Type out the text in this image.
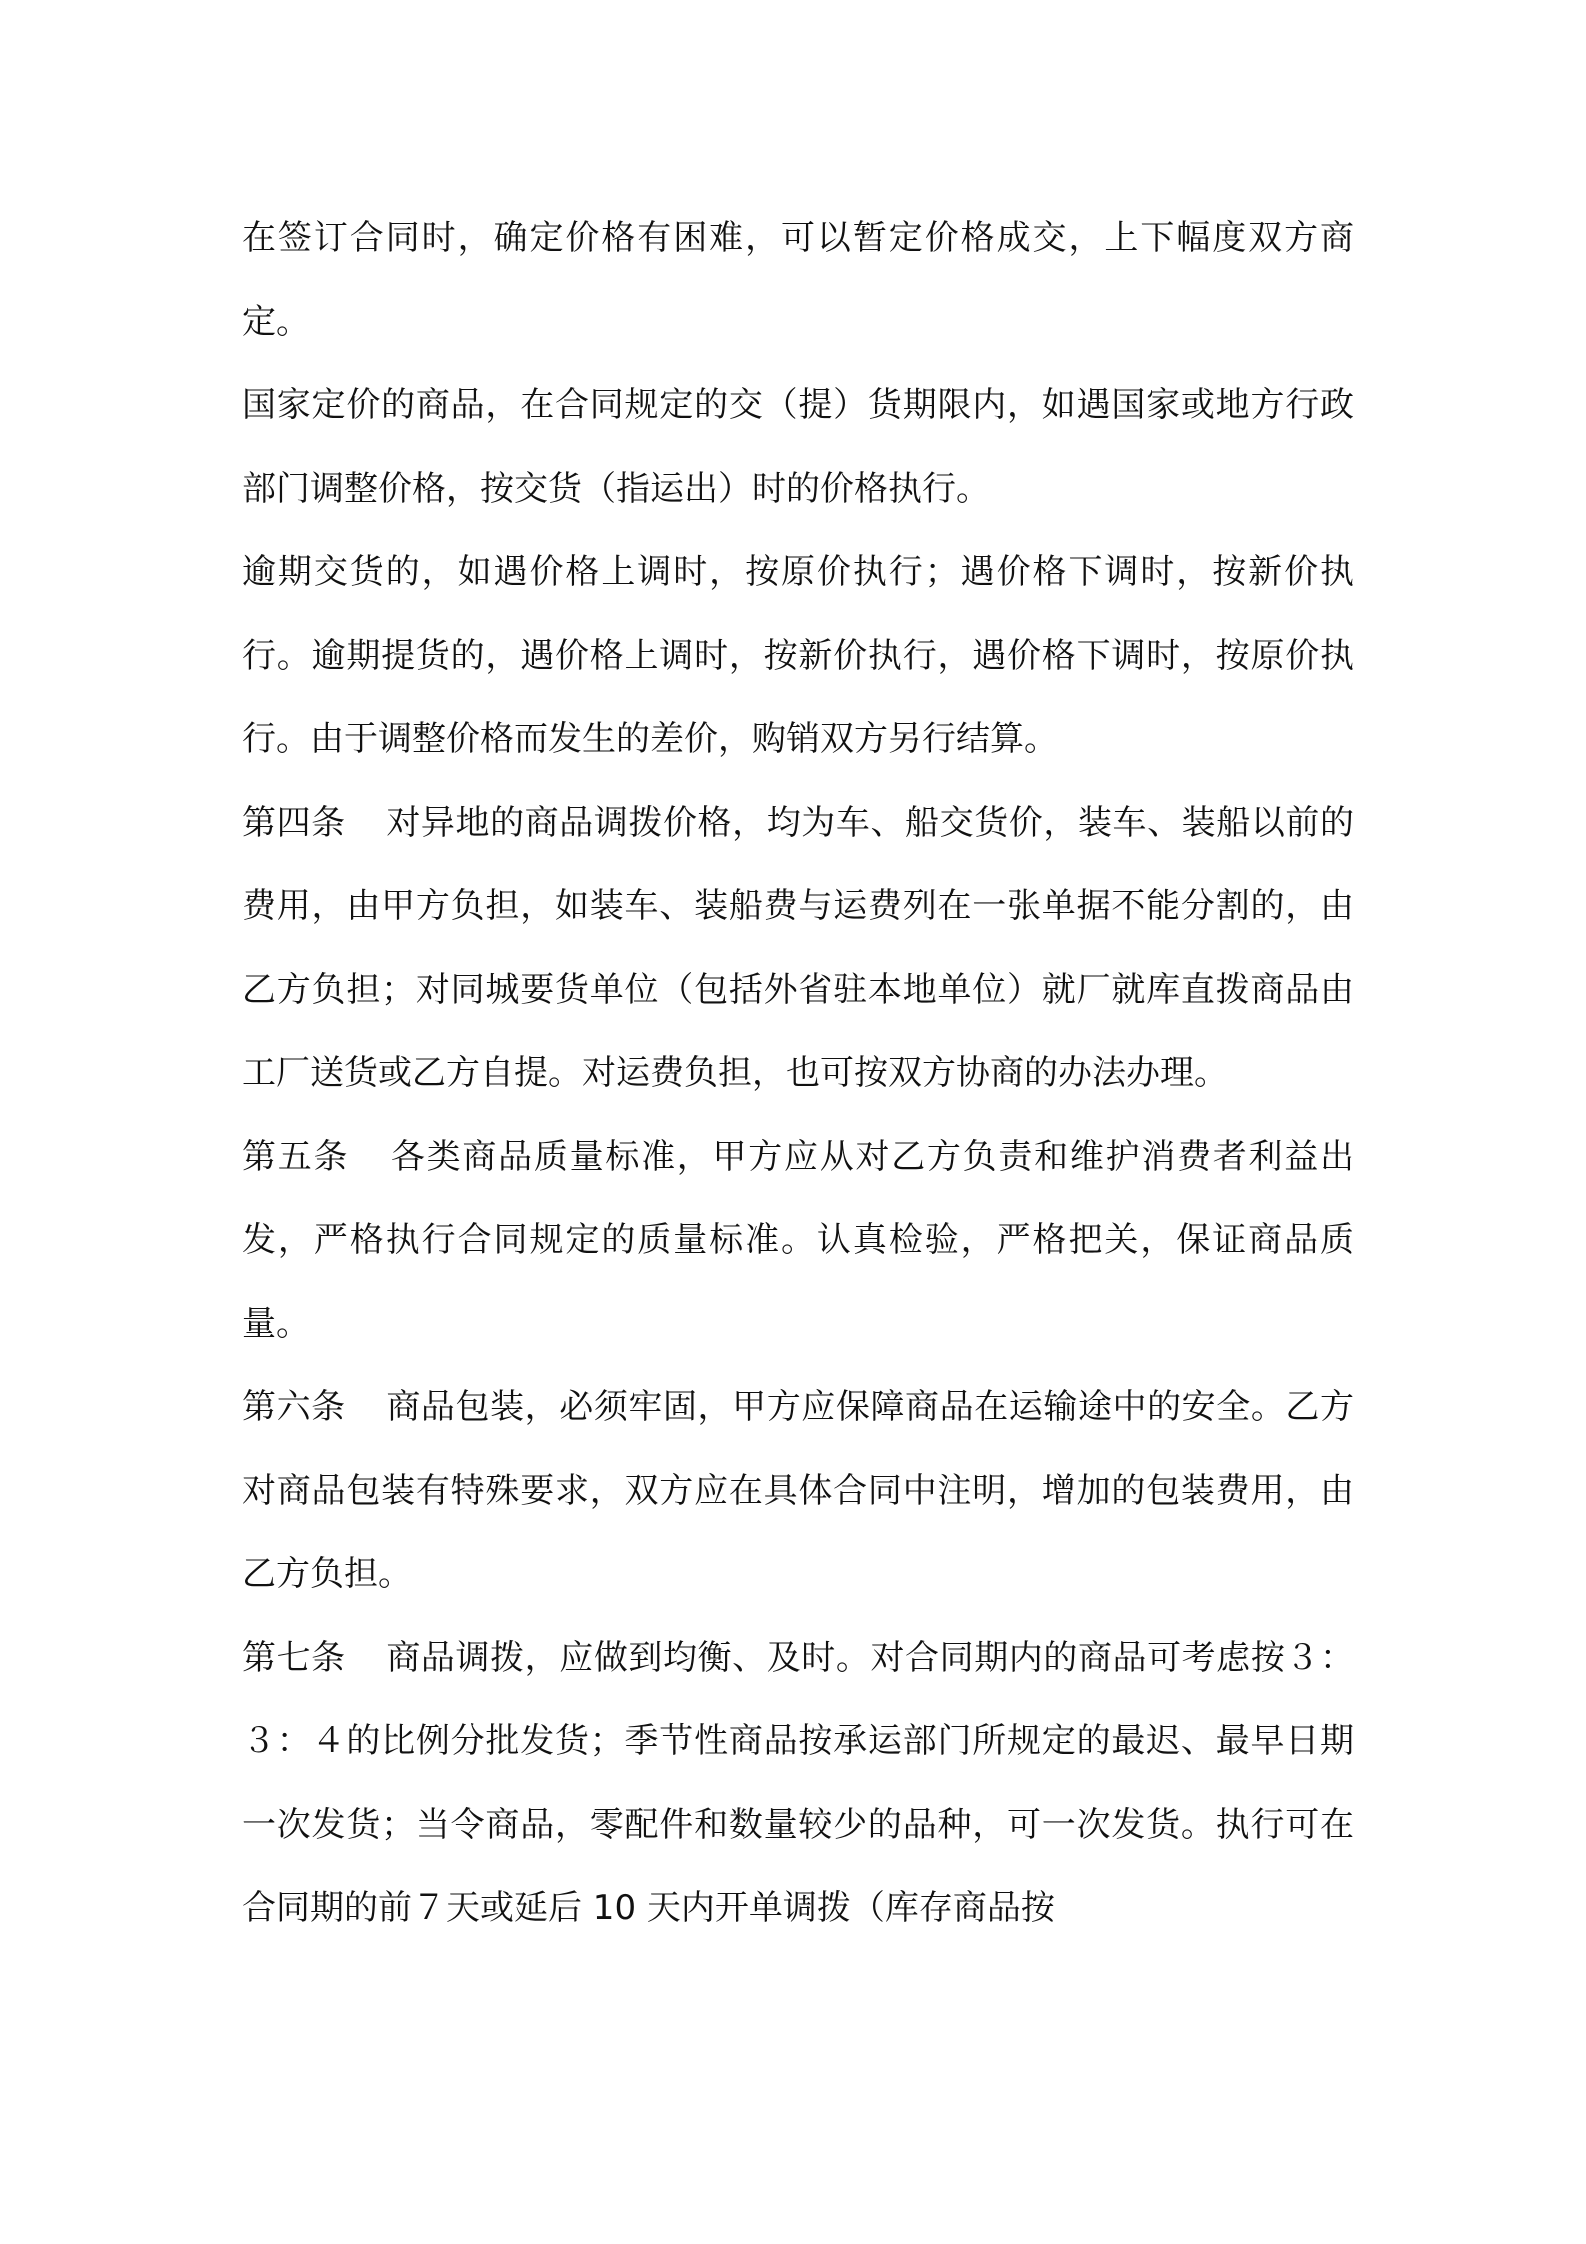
在签订合同时，确定价格有困难，可以暂定价格成交，上下幅度双方商定。

国家定价的商品，在合同规定的交（提）货期限内，如遇国家或地方行政部门调整价格，按交货（指运出）时的价格执行。

逾期交货的，如遇价格上调时，按原价执行；遇价格下调时，按新价执行。逾期提货的，遇价格上调时，按新价执行，遇价格下调时，按原价执行。由于调整价格而发生的差价，购销双方另行结算。

第四条 对异地的商品调拨价格，均为车、船交货价，装车、装船以前的费用，由甲方负担，如装车、装船费与运费列在一张单据不能分割的，由乙方负担；对同城要货单位（包括外省驻本地单位）就厂就库直拨商品由工厂送货或乙方自提。对运费负担，也可按双方协商的办法办理。

第五条 各类商品质量标准，甲方应从对乙方负责和维护消费者利益出发，严格执行合同规定的质量标准。认真检验，严格把关，保证商品质量。

第六条 商品包装，必须牢固，甲方应保障商品在运输途中的安全。乙方对商品包装有特殊要求，双方应在具体合同中注明，增加的包装费用，由乙方负担。

第七条 商品调拨，应做到均衡、及时。对合同期内的商品可考虑按３：３：４的比例分批发货；季节性商品按承运部门所规定的最迟、最早日期一次发货；当令商品，零配件和数量较少的品种，可一次发货。执行可在合同期的前７天或延后 10 天内开单调拨（库存商品按
